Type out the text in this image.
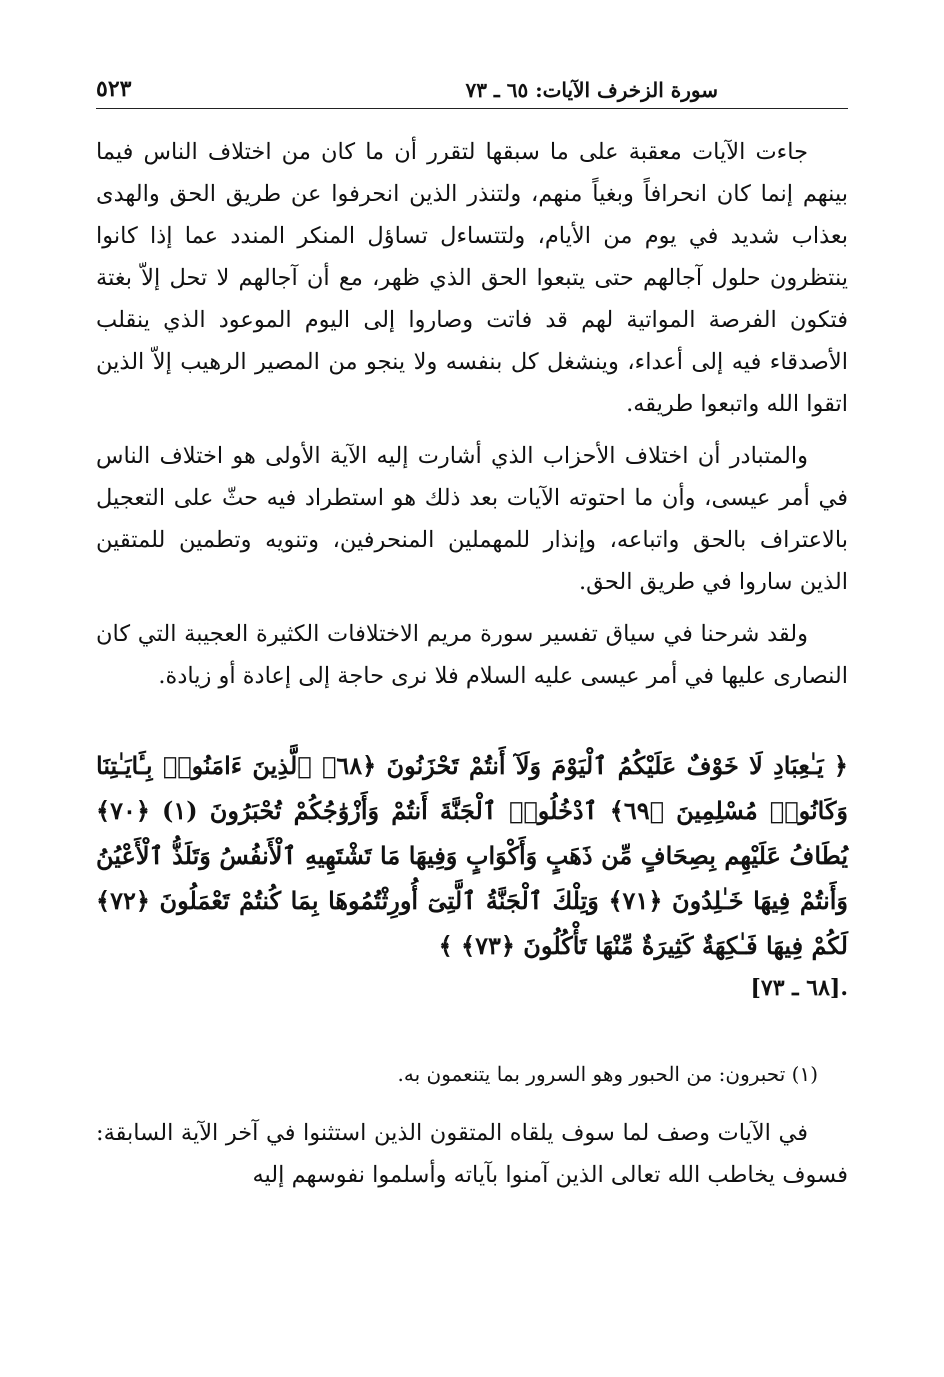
سورة الزخرف الآيات: ٦٥ ـ ٧٣
٥٢٣

جاءت الآيات معقبة على ما سبقها لتقرر أن ما كان من اختلاف الناس فيما بينهم إنما كان انحرافاً وبغياً منهم، ولتنذر الذين انحرفوا عن طريق الحق والهدى بعذاب شديد في يوم من الأيام، ولتتساءل تساؤل المنكر المندد عما إذا كانوا ينتظرون حلول آجالهم حتى يتبعوا الحق الذي ظهر، مع أن آجالهم لا تحل إلاّ بغتة فتكون الفرصة المواتية لهم قد فاتت وصاروا إلى اليوم الموعود الذي ينقلب الأصدقاء فيه إلى أعداء، وينشغل كل بنفسه ولا ينجو من المصير الرهيب إلاّ الذين اتقوا الله واتبعوا طريقه.

والمتبادر أن اختلاف الأحزاب الذي أشارت إليه الآية الأولى هو اختلاف الناس في أمر عيسى، وأن ما احتوته الآيات بعد ذلك هو استطراد فيه حثّ على التعجيل بالاعتراف بالحق واتباعه، وإنذار للمهملين المنحرفين، وتنويه وتطمين للمتقين الذين ساروا في طريق الحق.

ولقد شرحنا في سياق تفسير سورة مريم الاختلافات الكثيرة العجيبة التي كان النصارى عليها في أمر عيسى عليه السلام فلا نرى حاجة إلى إعادة أو زيادة.

﴿ يَـٰعِبَادِ لَا خَوْفٌ عَلَيْكُمُ ٱلْيَوْمَ وَلَآ أَنتُمْ تَحْزَنُونَ ﴿٦٨﴾ ٱلَّذِينَ ءَامَنُوا۟ بِـَٔايَـٰتِنَا وَكَانُوا۟ مُسْلِمِينَ ﴿٦٩﴾ ٱدْخُلُوا۟ ٱلْجَنَّةَ أَنتُمْ وَأَزْوَٰجُكُمْ تُحْبَرُونَ (١) ﴿٧٠﴾ يُطَافُ عَلَيْهِم بِصِحَافٍ مِّن ذَهَبٍ وَأَكْوَابٍ وَفِيهَا مَا تَشْتَهِيهِ ٱلْأَنفُسُ وَتَلَذُّ ٱلْأَعْيُنُ وَأَنتُمْ فِيهَا خَـٰلِدُونَ ﴿٧١﴾ وَتِلْكَ ٱلْجَنَّةُ ٱلَّتِىٓ أُورِثْتُمُوهَا بِمَا كُنتُمْ تَعْمَلُونَ ﴿٧٢﴾ لَكُمْ فِيهَا فَـٰكِهَةٌ كَثِيرَةٌ مِّنْهَا تَأْكُلُونَ ﴿٧٣﴾ ﴾
.[٦٨ ـ ٧٣]
(١) تحبرون: من الحبور وهو السرور بما يتنعمون به.

في الآيات وصف لما سوف يلقاه المتقون الذين استثنوا في آخر الآية السابقة: فسوف يخاطب الله تعالى الذين آمنوا بآياته وأسلموا نفوسهم إليه
